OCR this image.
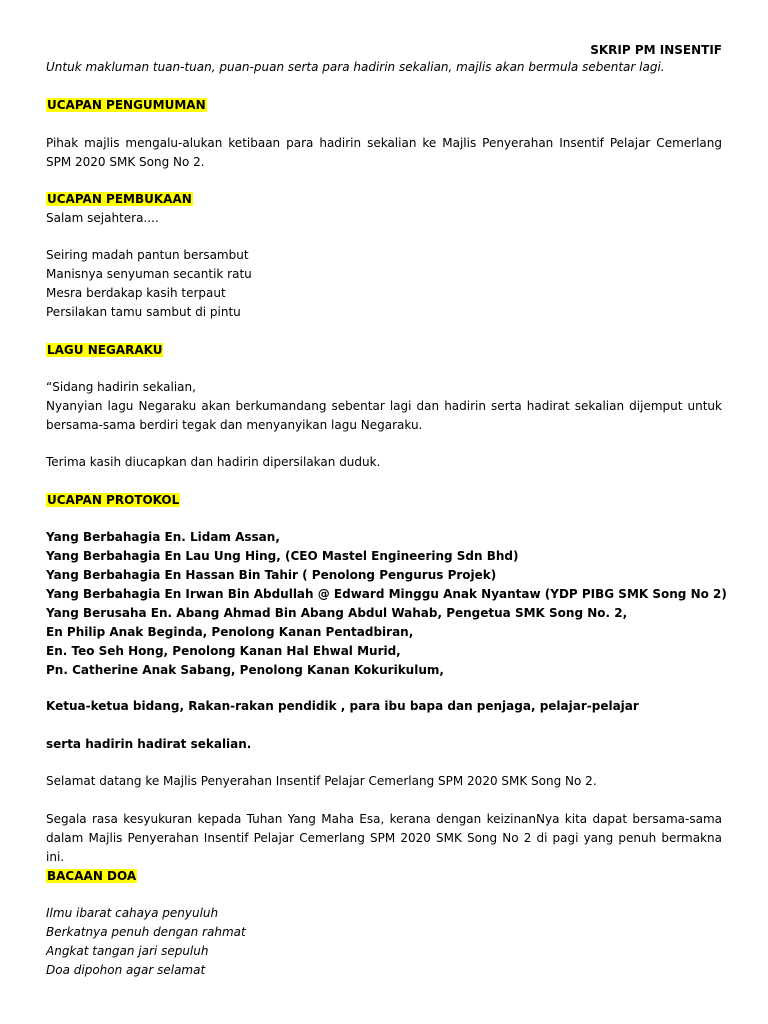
SKRIP PM INSENTIF

Untuk makluman tuan-tuan, puan-puan serta para hadirin sekalian, majlis akan bermula sebentar lagi.

UCAPAN PENGUMUMAN

Pihak majlis mengalu-alukan ketibaan para hadirin sekalian ke Majlis Penyerahan Insentif Pelajar Cemerlang SPM 2020 SMK Song No 2.

UCAPAN PEMBUKAAN

Salam sejahtera....

Seiring madah pantun bersambut
Manisnya senyuman secantik ratu
Mesra berdakap kasih terpaut
Persilakan tamu sambut di pintu

LAGU NEGARAKU

“Sidang hadirin sekalian,

Nyanyian lagu Negaraku akan berkumandang sebentar lagi dan hadirin serta hadirat sekalian dijemput untuk bersama-sama berdiri tegak dan menyanyikan lagu Negaraku.

Terima kasih diucapkan dan hadirin dipersilakan duduk.

UCAPAN PROTOKOL

Yang Berbahagia En. Lidam Assan,
Yang Berbahagia En Lau Ung Hing, (CEO Mastel Engineering Sdn Bhd)
Yang Berbahagia En Hassan Bin Tahir ( Penolong Pengurus Projek)
Yang Berbahagia En Irwan Bin Abdullah @ Edward Minggu Anak Nyantaw (YDP PIBG SMK Song No 2)
Yang Berusaha En. Abang Ahmad Bin Abang Abdul Wahab, Pengetua SMK Song No. 2,
En Philip Anak Beginda, Penolong Kanan Pentadbiran,
En. Teo Seh Hong, Penolong Kanan Hal Ehwal Murid,
Pn. Catherine Anak Sabang, Penolong Kanan Kokurikulum,

Ketua-ketua bidang, Rakan-rakan pendidik , para ibu bapa dan penjaga, pelajar-pelajar

serta hadirin hadirat sekalian.

Selamat datang ke Majlis Penyerahan Insentif Pelajar Cemerlang SPM 2020 SMK Song No 2.

Segala rasa kesyukuran kepada Tuhan Yang Maha Esa, kerana dengan keizinanNya kita dapat bersama-sama dalam Majlis Penyerahan Insentif Pelajar Cemerlang SPM 2020 SMK Song No 2 di pagi yang penuh bermakna ini.

BACAAN DOA

Ilmu ibarat cahaya penyuluh
Berkatnya penuh dengan rahmat
Angkat tangan jari sepuluh
Doa dipohon agar selamat
